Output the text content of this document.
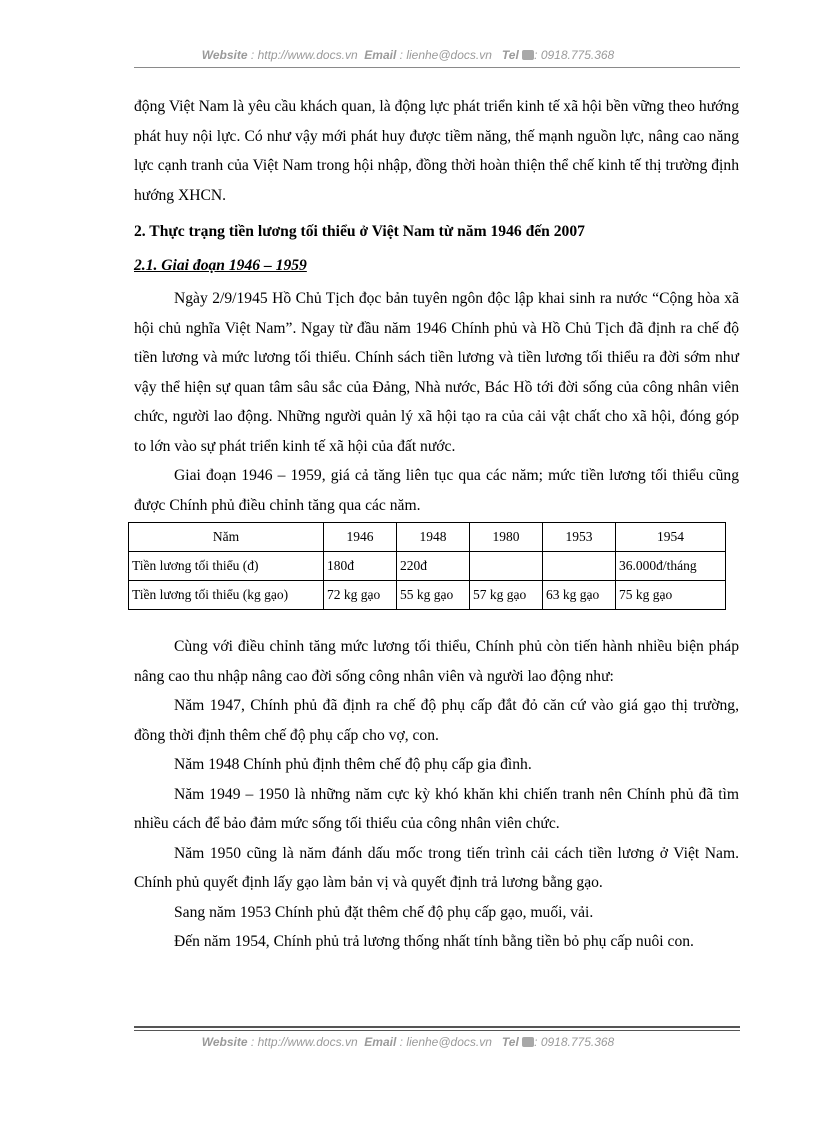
Website : http://www.docs.vn Email : lienhe@docs.vn Tel : 0918.775.368

động Việt Nam là yêu cầu khách quan, là động lực phát triển kinh tế xã hội bền vững theo hướng phát huy nội lực. Có như vậy mới phát huy được tiềm năng, thế mạnh nguồn lực, nâng cao năng lực cạnh tranh của Việt Nam trong hội nhập, đồng thời hoàn thiện thể chế kinh tế thị trường định hướng XHCN.

2. Thực trạng tiền lương tối thiểu ở Việt Nam từ năm 1946 đến 2007
2.1. Giai đoạn 1946 – 1959

Ngày 2/9/1945 Hồ Chủ Tịch đọc bản tuyên ngôn độc lập khai sinh ra nước “Cộng hòa xã hội chủ nghĩa Việt Nam”. Ngay từ đầu năm 1946 Chính phủ và Hồ Chủ Tịch đã định ra chế độ tiền lương và mức lương tối thiểu. Chính sách tiền lương và tiền lương tối thiểu ra đời sớm như vậy thể hiện sự quan tâm sâu sắc của Đảng, Nhà nước, Bác Hồ tới đời sống của công nhân viên chức, người lao động. Những người quản lý xã hội tạo ra của cải vật chất cho xã hội, đóng góp to lớn vào sự phát triển kinh tế xã hội của đất nước.

Giai đoạn 1946 – 1959, giá cả tăng liên tục qua các năm; mức tiền lương tối thiểu cũng được Chính phủ điều chỉnh tăng qua các năm.

Năm	1946	1948	1980	1953	1954
Tiền lương tối thiểu (đ)	180đ	220đ			36.000đ/tháng
Tiền lương tối thiểu (kg gạo)	72 kg gạo	55 kg gạo	57 kg gạo	63 kg gạo	75 kg gạo

Cùng với điều chỉnh tăng mức lương tối thiểu, Chính phủ còn tiến hành nhiều biện pháp nâng cao thu nhập nâng cao đời sống công nhân viên và người lao động như:

Năm 1947, Chính phủ đã định ra chế độ phụ cấp đắt đỏ căn cứ vào giá gạo thị trường, đồng thời định thêm chế độ phụ cấp cho vợ, con.

Năm 1948 Chính phủ định thêm chế độ phụ cấp gia đình.

Năm 1949 – 1950 là những năm cực kỳ khó khăn khi chiến tranh nên Chính phủ đã tìm nhiều cách để bảo đảm mức sống tối thiểu của công nhân viên chức.

Năm 1950 cũng là năm đánh dấu mốc trong tiến trình cải cách tiền lương ở Việt Nam. Chính phủ quyết định lấy gạo làm bản vị và quyết định trả lương bằng gạo.

Sang năm 1953 Chính phủ đặt thêm chế độ phụ cấp gạo, muối, vải.

Đến năm 1954, Chính phủ trả lương thống nhất tính bằng tiền bỏ phụ cấp nuôi con.

Website : http://www.docs.vn Email : lienhe@docs.vn Tel : 0918.775.368
